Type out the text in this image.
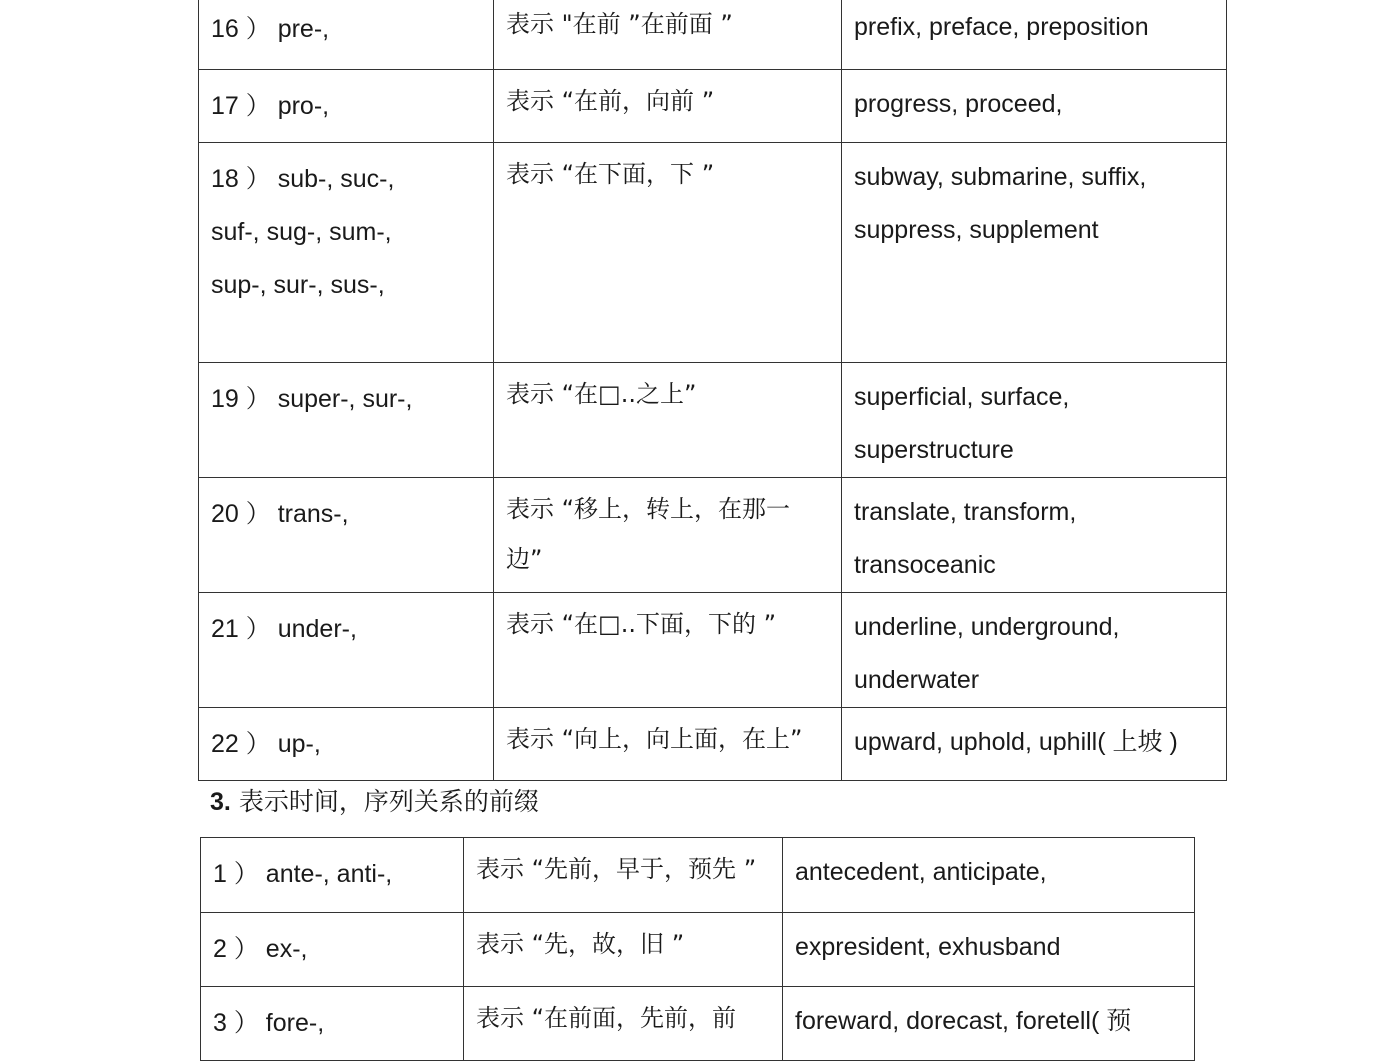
16 ） pre-,	表示 "在前 ”在前面 ”	prefix, preface, preposition
17 ） pro-,	表示 “在前，向前 ”	progress, proceed,
18 ） sub-, suc-,
suf-, sug-, sum-,
sup-, sur-, sus-,	表示 “在下面，下 ”	subway, submarine, suffix,
suppress, supplement
19 ） super-, sur-,	表示 “在□..之上”	superficial, surface,
superstructure
20 ） trans-,	表示 “移上，转上，在那一
边”	translate, transform,
transoceanic
21 ） under-,	表示 “在□..下面，下的 ”	underline, underground,
underwater
22 ） up-,	表示 “向上，向上面，在上”	upward, uphold, uphill( 上坡 )

3. 表示时间，序列关系的前缀

1 ） ante-, anti-,	表示 “先前，早于，预先 ”	antecedent, anticipate,
2 ） ex-,	表示 “先，故，旧 ”	expresident, exhusband
3 ） fore-,	表示 “在前面，先前，前	foreward, dorecast, foretell( 预
